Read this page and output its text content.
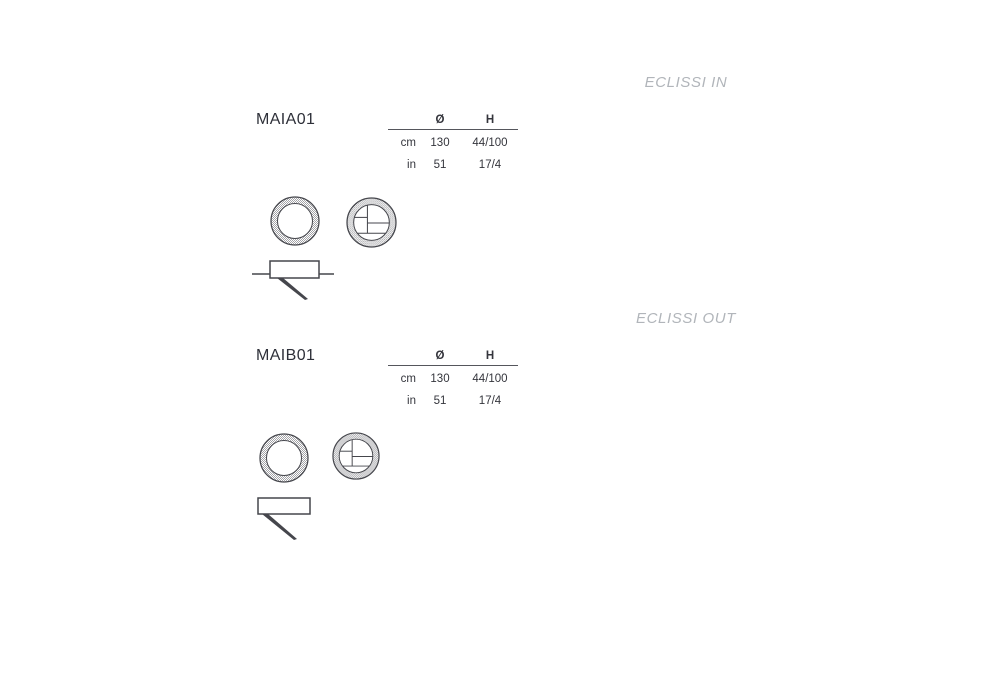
ECLISSI IN
MAIA01	Ø	H
cm	130	44/100
in	51	17/4
ECLISSI OUT
MAIB01	Ø	H
cm	130	44/100
in	51	17/4
